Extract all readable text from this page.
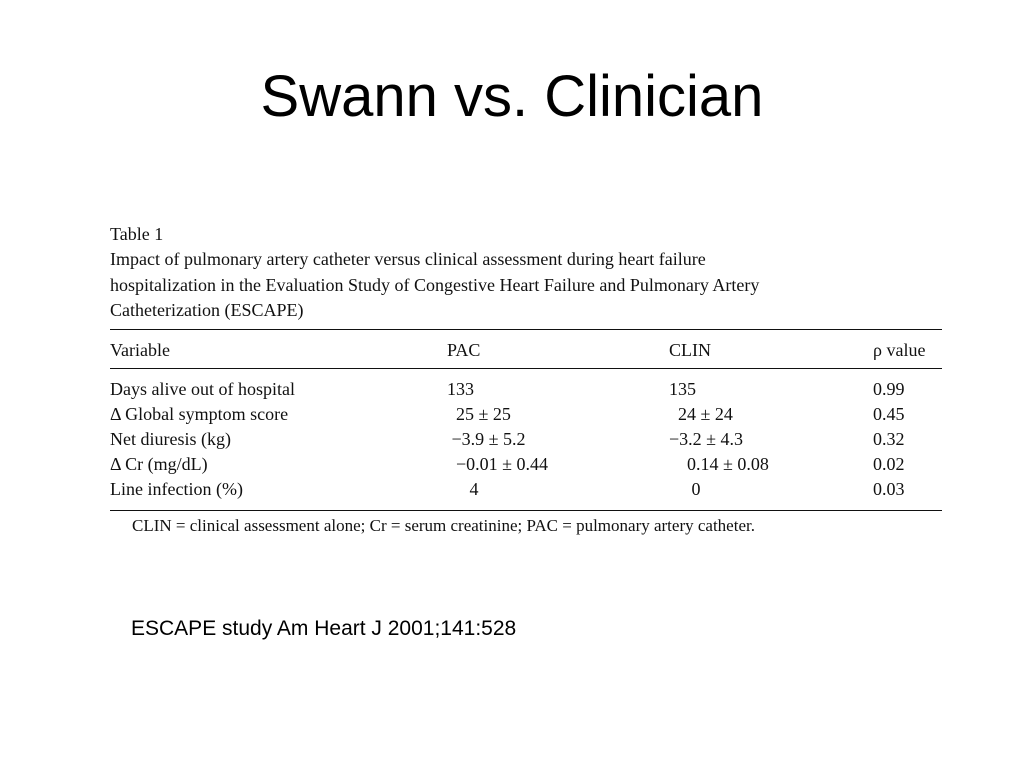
Swann vs. Clinician
Table 1
Impact of pulmonary artery catheter versus clinical assessment during heart failure
hospitalization in the Evaluation Study of Congestive Heart Failure and Pulmonary Artery
Catheterization (ESCAPE)
Variable	PAC	CLIN	ρ value
Days alive out of hospital	133	135	0.99
Δ Global symptom score	25 ± 25	24 ± 24	0.45
Net diuresis (kg)	−3.9 ± 5.2	−3.2 ± 4.3	0.32
Δ Cr (mg/dL)	−0.01 ± 0.44	0.14 ± 0.08	0.02
Line infection (%)	4	0	0.03
CLIN = clinical assessment alone; Cr = serum creatinine; PAC = pulmonary artery catheter.
ESCAPE study Am Heart J 2001;141:528
